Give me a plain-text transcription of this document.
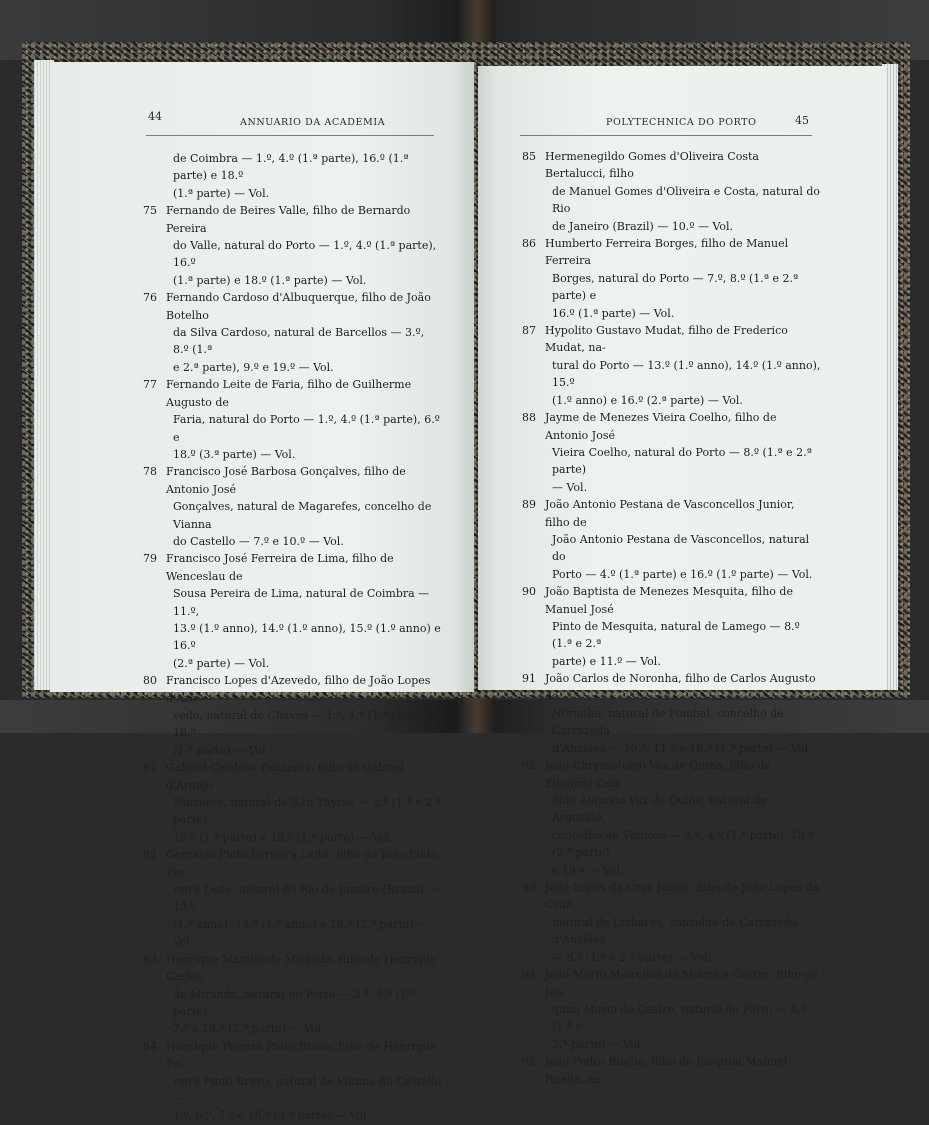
44	ANNUARIO DA ACADEMIA
de Coimbra — 1.º, 4.º (1.ª parte), 16.º (1.ª parte) e 18.º
(1.ª parte) — Vol.
75 Fernando de Beires Valle, filho de Bernardo Pereira
do Valle, natural do Porto — 1.º, 4.º (1.ª parte), 16.º
(1.ª parte) e 18.º (1.ª parte) — Vol.
76 Fernando Cardoso d'Albuquerque, filho de João Botelho
da Silva Cardoso, natural de Barcellos — 3.º, 8.º (1.ª
e 2.ª parte), 9.º e 19.º — Vol.
77 Fernando Leite de Faria, filho de Guilherme Augusto de
Faria, natural do Porto — 1.º, 4.º (1.ª parte), 6.º e
18.º (3.ª parte) — Vol.
78 Francisco José Barbosa Gonçalves, filho de Antonio José
Gonçalves, natural de Magarefes, concelho de Vianna
do Castello — 7.º e 10.º — Vol.
79 Francisco José Ferreira de Lima, filho de Wenceslau de
Sousa Pereira de Lima, natural de Coimbra — 11.º,
13.º (1.º anno), 14.º (1.º anno), 15.º (1.º anno) e 16.º
(2.ª parte) — Vol.
80 Francisco Lopes d'Azevedo, filho de João Lopes d'Aze-
vedo, natural de Chaves — 1.º, 4.º (1.ª parte) e 18.º
(1.ª parte) — Vol.
81 Gabriel Cardoso Fanzeres, filho de Gabriel d'Araujo
Fanzeres, natural de S.to Thyrso — 8.º (1.ª e 2.ª parte),
16.º (1.ª parte) e 18.º (1.ª parte) — Vol.
82 Gervasio Pinto Ferreira Leite, filho de João Pinto Fer-
reira Leite, natural do Rio de Janeiro (Brazil), — 13.º
(1.º anno), 14.º (1.º anno) e 16.º (2.ª parte) — Vol.
83 Henrique Manuel de Miranda, filho de Henrique Carlos
de Miranda, natural do Porto — 3.º, 4.º (1.ª parte),
7.º e 18.º (2.ª parte) — Vol.
84 Henrique Pereira Pinto Bravo, filho de Henrique Pe-
reira Pinto Bravo, natural de Vianna do Castello —
1.º, 6.º, 7.º e 18.º (3.ª parte) — Vol.
POLYTECHNICA DO PORTO	45
85 Hermenegildo Gomes d'Oliveira Costa Bertalucci, filho
de Manuel Gomes d'Oliveira e Costa, natural do Rio
de Janeiro (Brazil) — 10.º — Vol.
86 Humberto Ferreira Borges, filho de Manuel Ferreira
Borges, natural do Porto — 7.º, 8.º (1.ª e 2.ª parte) e
16.º (1.ª parte) — Vol.
87 Hypolito Gustavo Mudat, filho de Frederico Mudat, na-
tural do Porto — 13.º (1.º anno), 14.º (1.º anno), 15.º
(1.º anno) e 16.º (2.ª parte) — Vol.
88 Jayme de Menezes Vieira Coelho, filho de Antonio José
Vieira Coelho, natural do Porto — 8.º (1.ª e 2.ª parte)
— Vol.
89 João Antonio Pestana de Vasconcellos Junior, filho de
João Antonio Pestana de Vasconcellos, natural do
Porto — 4.º (1.ª parte) e 16.º (1.º parte) — Vol.
90 João Baptista de Menezes Mesquita, filho de Manuel José
Pinto de Mesquita, natural de Lamego — 8.º (1.ª e 2.ª
parte) e 11.º — Vol.
91 João Carlos de Noronha, filho de Carlos Augusto de
Noronha, natural de Pombal, concelho de Carrazeda
d'Anciães — 10.º, 11.º e 16.º (1.ª parte) — Vol.
92 João Chrysostomo Vaz de Quina, filho de Eduardo Can-
dido Augusto Vaz de Quina, natural de Argosillo,
concelho de Vimioso — 2.º, 4.º (1.ª parte), 18.º (2.ª parte)
e 19.º — Vol.
93 João Lopes da Cruz Junior, filho de João Lopes da Cruz,
natural de Linhares, concelho de Carrazeda d'Anciães
— 8.º (1.ª e 2.ª parte) — Vol.
94 João Mario Meirelles de Moura e Castro, filho de Joa-
quim Mario de Castro, natural do Porto — 8.º (1.ª e
2.ª parte) — Vol.
95 João Pedro Ruella, filho de Joaquim Manuel Ruella, na-
